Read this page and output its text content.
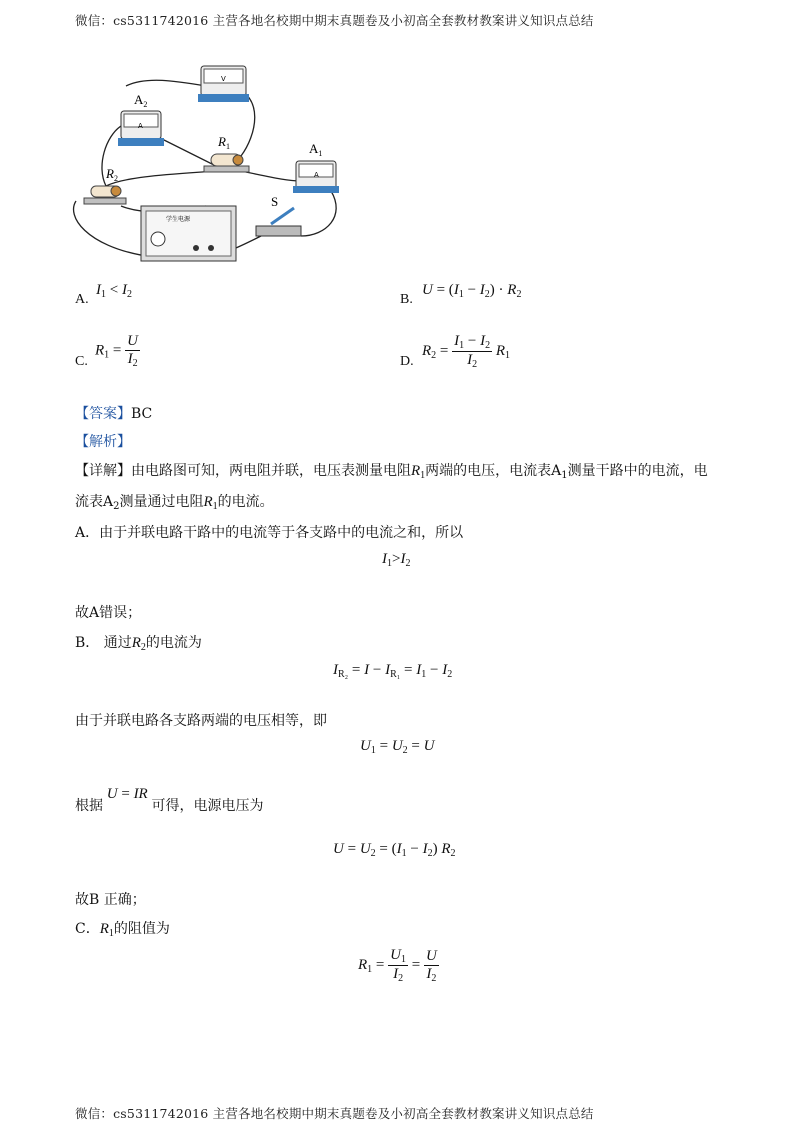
微信：cs5311742016 主营各地名校期中期末真题卷及小初高全套教材教案讲义知识点总结
V
A
$A_2$
$R_1$
A
$A_1$
$R_2$
学生电源
S
A.
$I_1 < I_2$	B.
$U = (I_1 - I_2) \cdot R_2$
C.
$R_1 = \frac{U}{I_2}$	D.
$R_2 = \frac{I_1 - I_2}{I_2} R_1$
【答案】BC
【解析】
【详解】由电路图可知，两电阻并联，电压表测量电阻$R_1$两端的电压，电流表$A_1$测量干路中的电流，电
流表$A_2$测量通过电阻$R_1$的电流。
A．由于并联电路干路中的电流等于各支路中的电流之和，所以
$I_1>I_2$
故A错误；
B． 通过$R_2$的电流为
$I_{R_2} = I - I_{R_1} = I_1 - I_2$
由于并联电路各支路两端的电压相等，即
$U_1 = U_2 = U$
根据 U = IR 可得，电源电压为
$U = U_2 = (I_1 - I_2)$ $R_2$
故B 正确；
C．$R_1$的阻值为
$R_1 = \frac{U_1}{I_2} = \frac{U}{I_2}$
微信：cs5311742016 主营各地名校期中期末真题卷及小初高全套教材教案讲义知识点总结
